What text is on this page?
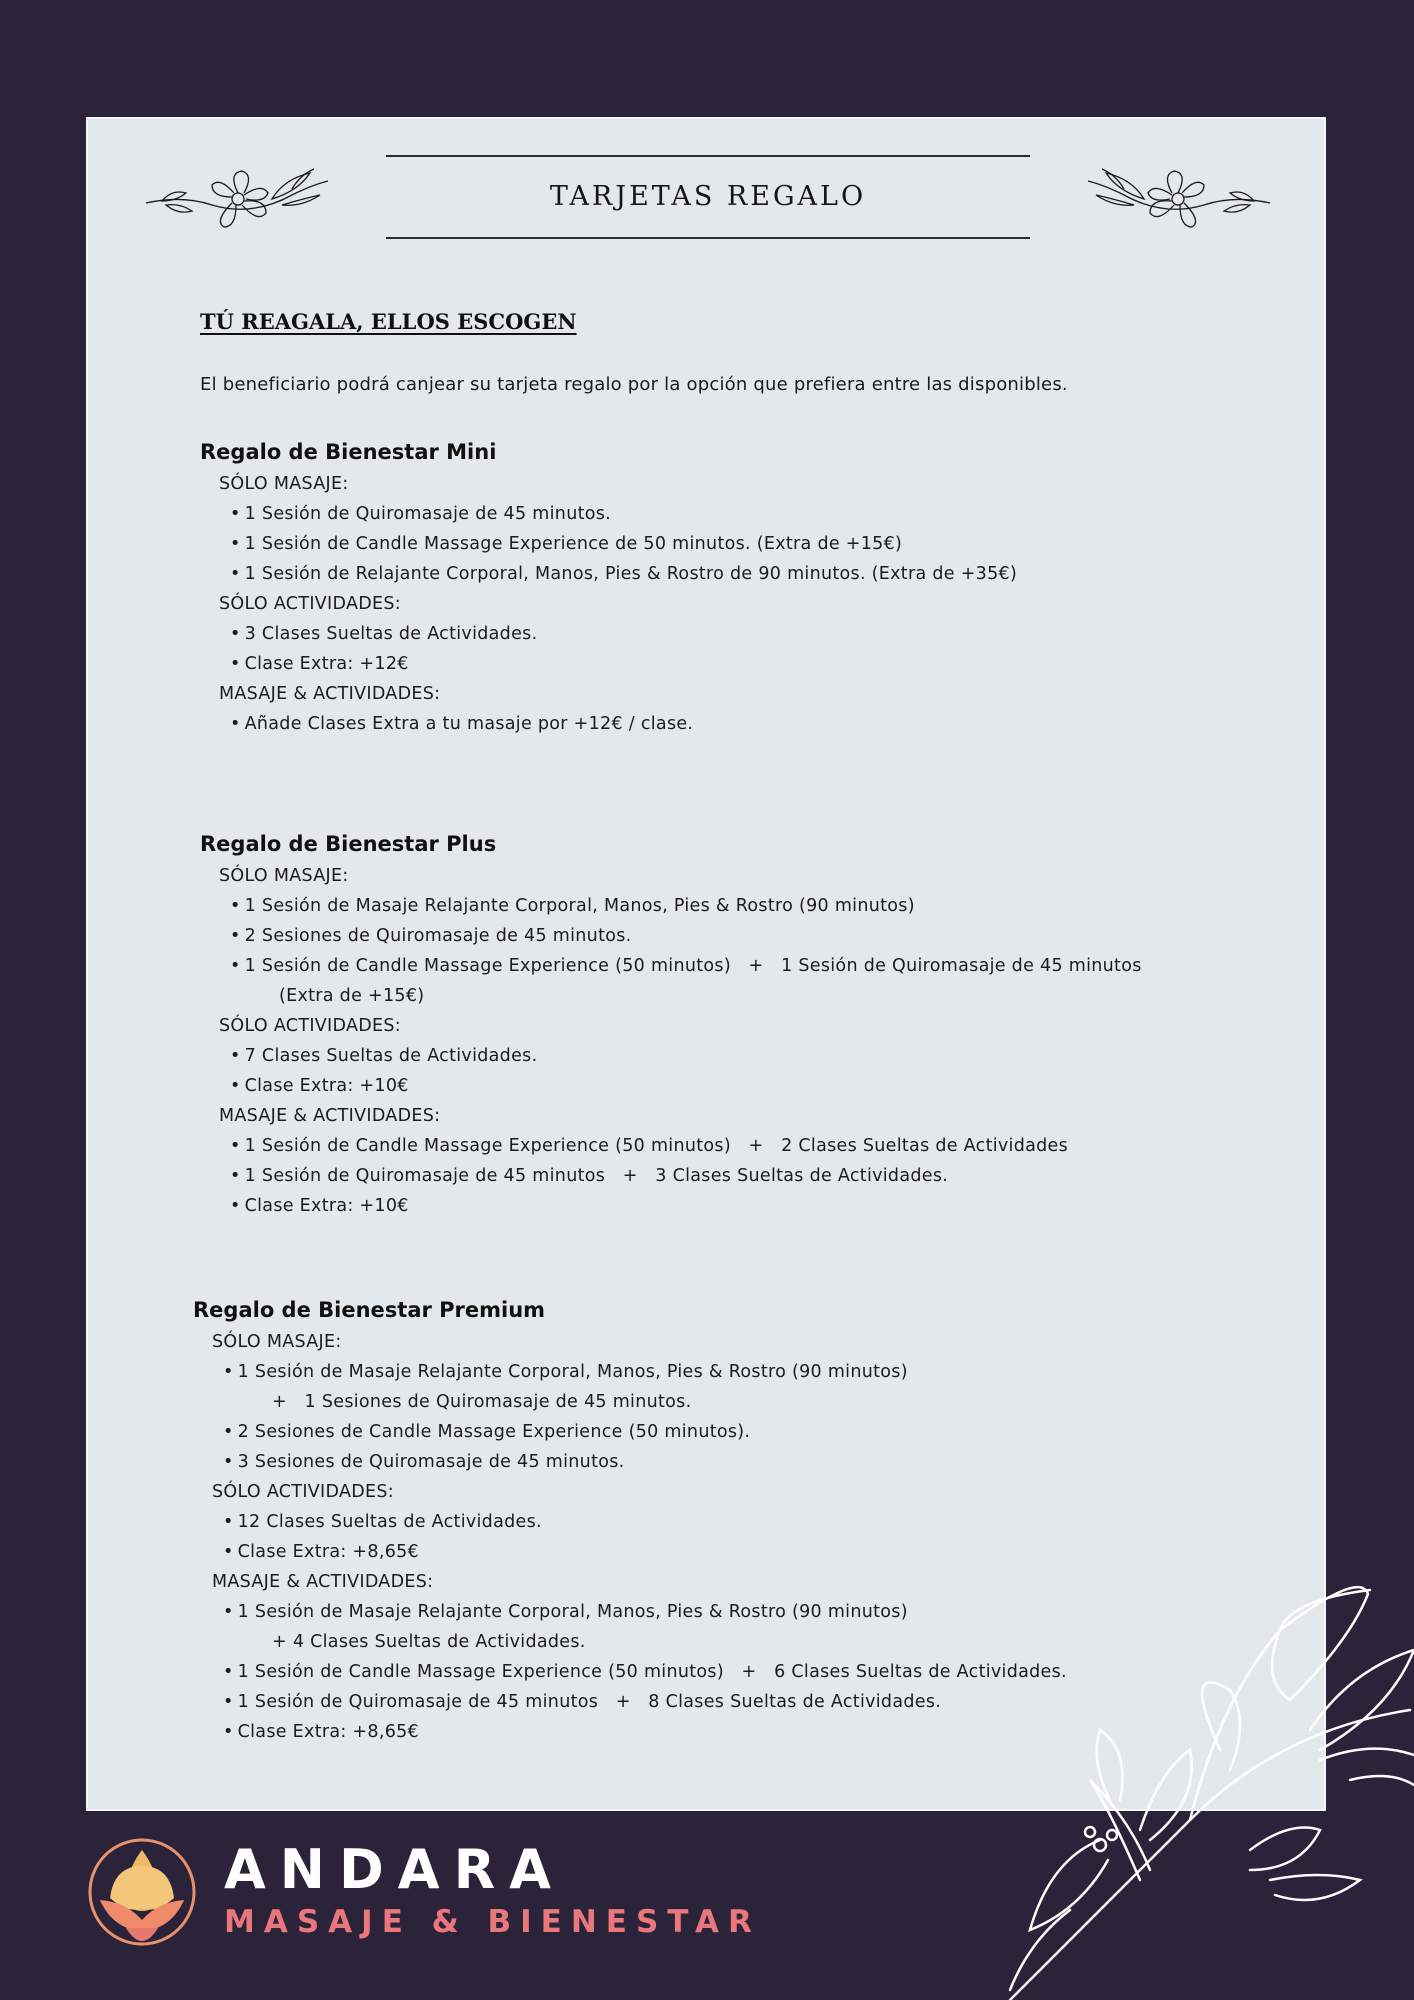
TARJETAS REGALO
TÚ REAGALA, ELLOS ESCOGEN
El beneficiario podrá canjear su tarjeta regalo por la opción que prefiera entre las disponibles.
Regalo de Bienestar Mini
SÓLO MASAJE:
• 1 Sesión de Quiromasaje de 45 minutos.
• 1 Sesión de Candle Massage Experience de 50 minutos. (Extra de +15€)
• 1 Sesión de Relajante Corporal, Manos, Pies & Rostro de 90 minutos. (Extra de +35€)
SÓLO ACTIVIDADES:
• 3 Clases Sueltas de Actividades.
• Clase Extra: +12€
MASAJE & ACTIVIDADES:
• Añade Clases Extra a tu masaje por +12€ / clase.
Regalo de Bienestar Plus
SÓLO MASAJE:
• 1 Sesión de Masaje Relajante Corporal, Manos, Pies & Rostro (90 minutos)
• 2 Sesiones de Quiromasaje de 45 minutos.
• 1 Sesión de Candle Massage Experience (50 minutos)   +   1 Sesión de Quiromasaje de 45 minutos
(Extra de +15€)
SÓLO ACTIVIDADES:
• 7 Clases Sueltas de Actividades.
• Clase Extra: +10€
MASAJE & ACTIVIDADES:
• 1 Sesión de Candle Massage Experience (50 minutos)   +   2 Clases Sueltas de Actividades
• 1 Sesión de Quiromasaje de 45 minutos   +   3 Clases Sueltas de Actividades.
• Clase Extra: +10€
Regalo de Bienestar Premium
SÓLO MASAJE:
• 1 Sesión de Masaje Relajante Corporal, Manos, Pies & Rostro (90 minutos)
+   1 Sesiones de Quiromasaje de 45 minutos.
• 2 Sesiones de Candle Massage Experience (50 minutos).
• 3 Sesiones de Quiromasaje de 45 minutos.
SÓLO ACTIVIDADES:
• 12 Clases Sueltas de Actividades.
• Clase Extra: +8,65€
MASAJE & ACTIVIDADES:
• 1 Sesión de Masaje Relajante Corporal, Manos, Pies & Rostro (90 minutos)
+ 4 Clases Sueltas de Actividades.
• 1 Sesión de Candle Massage Experience (50 minutos)   +   6 Clases Sueltas de Actividades.
• 1 Sesión de Quiromasaje de 45 minutos   +   8 Clases Sueltas de Actividades.
• Clase Extra: +8,65€
ANDARA
MASAJE & BIENESTAR
